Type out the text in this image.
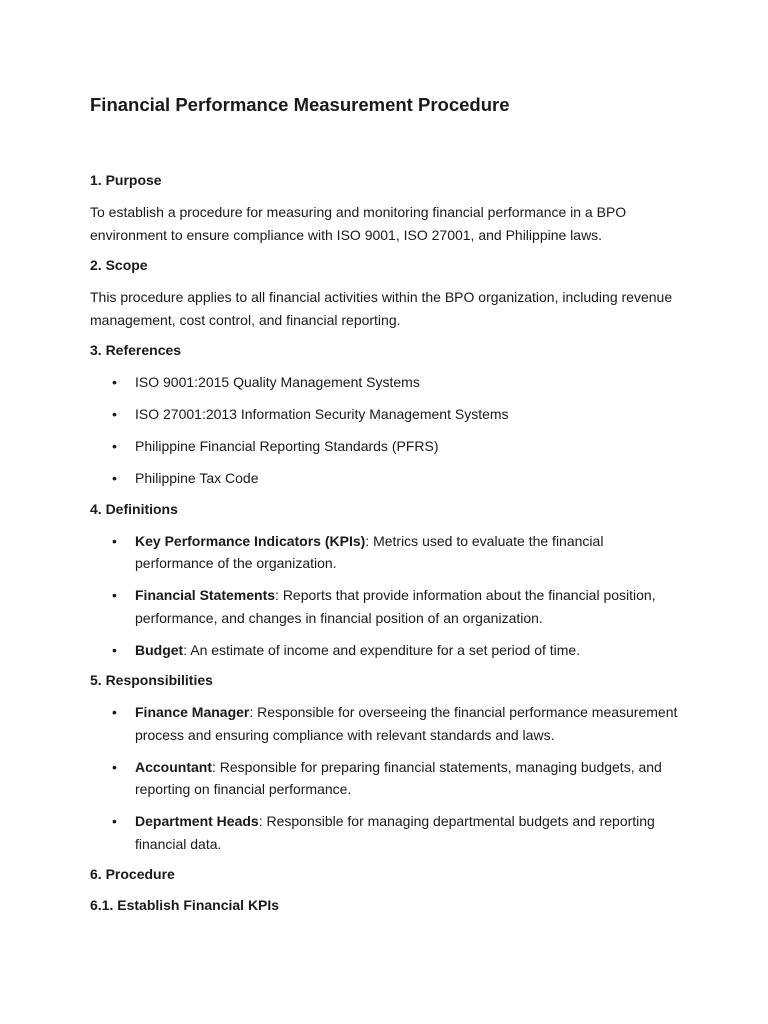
Financial Performance Measurement Procedure

1. Purpose

To establish a procedure for measuring and monitoring financial performance in a BPO environment to ensure compliance with ISO 9001, ISO 27001, and Philippine laws.

2. Scope

This procedure applies to all financial activities within the BPO organization, including revenue management, cost control, and financial reporting.

3. References

• ISO 9001:2015 Quality Management Systems
• ISO 27001:2013 Information Security Management Systems
• Philippine Financial Reporting Standards (PFRS)
• Philippine Tax Code

4. Definitions

• Key Performance Indicators (KPIs): Metrics used to evaluate the financial performance of the organization.
• Financial Statements: Reports that provide information about the financial position, performance, and changes in financial position of an organization.
• Budget: An estimate of income and expenditure for a set period of time.

5. Responsibilities

• Finance Manager: Responsible for overseeing the financial performance measurement process and ensuring compliance with relevant standards and laws.
• Accountant: Responsible for preparing financial statements, managing budgets, and reporting on financial performance.
• Department Heads: Responsible for managing departmental budgets and reporting financial data.

6. Procedure

6.1. Establish Financial KPIs
